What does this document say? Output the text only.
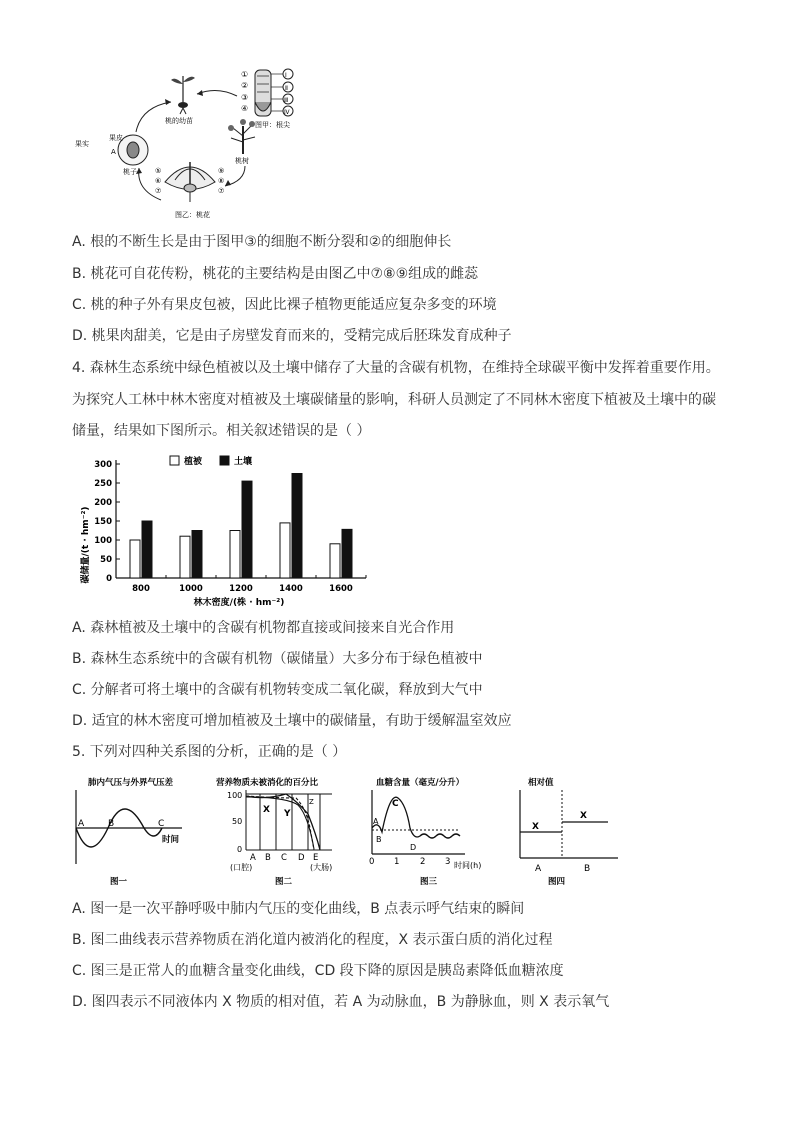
桃的幼苗
①
②
③
④
Ⅰ
Ⅱ
Ⅲ
Ⅳ
图甲：根尖
桃树
⑤
⑥
⑦
⑨
⑧
⑦
图乙：桃花
果实
果皮
A
桃子
A. 根的不断生长是由于图甲③的细胞不断分裂和②的细胞伸长
B. 桃花可自花传粉，桃花的主要结构是由图乙中⑦⑧⑨组成的雌蕊
C. 桃的种子外有果皮包被，因此比裸子植物更能适应复杂多变的环境
D. 桃果肉甜美，它是由子房壁发育而来的，受精完成后胚珠发育成种子
4. 森林生态系统中绿色植被以及土壤中储存了大量的含碳有机物，在维持全球碳平衡中发挥着重要作用。
为探究人工林中林木密度对植被及土壤碳储量的影响，科研人员测定了不同林木密度下植被及土壤中的碳
储量，结果如下图所示。相关叙述错误的是（ ）
植被	土壤
碳储量/(t · hm⁻²)
林木密度/(株 · hm⁻²)
0
50
100
150
200
250
300
800	1000	1200	1400	1600
A. 森林植被及土壤中的含碳有机物都直接或间接来自光合作用
B. 森林生态系统中的含碳有机物（碳储量）大多分布于绿色植被中
C. 分解者可将土壤中的含碳有机物转变成二氧化碳，释放到大气中
D. 适宜的林木密度可增加植被及土壤中的碳储量，有助于缓解温室效应
5. 下列对四种关系图的分析，正确的是（ ）
肺内气压与外界气压差
A	B	C
时间
图一
营养物质未被消化的百分比
100
50
0
X Y
Z
A B C D E
(口腔)	(大肠)
图二
血糖含量（毫克/分升）
A
B
C
D
0 1 2 3 时间(h)
图三
相对值
X
X
A	B
图四
A. 图一是一次平静呼吸中肺内气压的变化曲线，B 点表示呼气结束的瞬间
B. 图二曲线表示营养物质在消化道内被消化的程度，X 表示蛋白质的消化过程
C. 图三是正常人的血糖含量变化曲线，CD 段下降的原因是胰岛素降低血糖浓度
D. 图四表示不同液体内 X 物质的相对值，若 A 为动脉血，B 为静脉血，则 X 表示氧气
